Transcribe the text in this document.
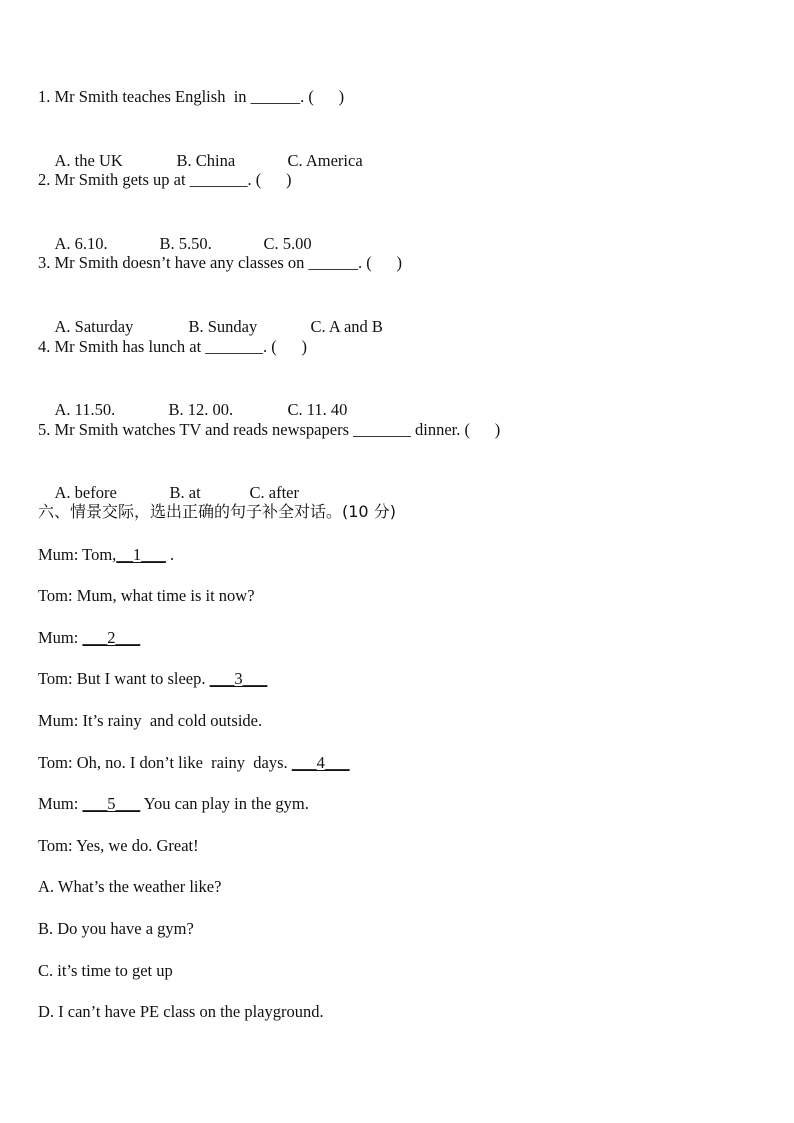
1. Mr Smith teaches English  in ______. (      )

A. the UK	B. China	C. America

2. Mr Smith gets up at _______. (      )

A. 6.10.	B. 5.50.	C. 5.00

3. Mr Smith doesn’t have any classes on ______. (      )

A. Saturday	B. Sunday	C. A and B

4. Mr Smith has lunch at _______. (      )

A. 11.50.	B. 12. 00.	C. 11. 40

5. Mr Smith watches TV and reads newspapers _______ dinner. (      )

A. before	B. at	C. after

六、情景交际，选出正确的句子补全对话。(10 分)
Mum: Tom,__1___ .
Tom: Mum, what time is it now?
Mum: ___2___
Tom: But I want to sleep. ___3___
Mum: It’s rainy  and cold outside.
Tom: Oh, no. I don’t like  rainy  days. ___4___
Mum: ___5___ You can play in the gym.
Tom: Yes, we do. Great!
A. What’s the weather like?
B. Do you have a gym?
C. it’s time to get up
D. I can’t have PE class on the playground.
